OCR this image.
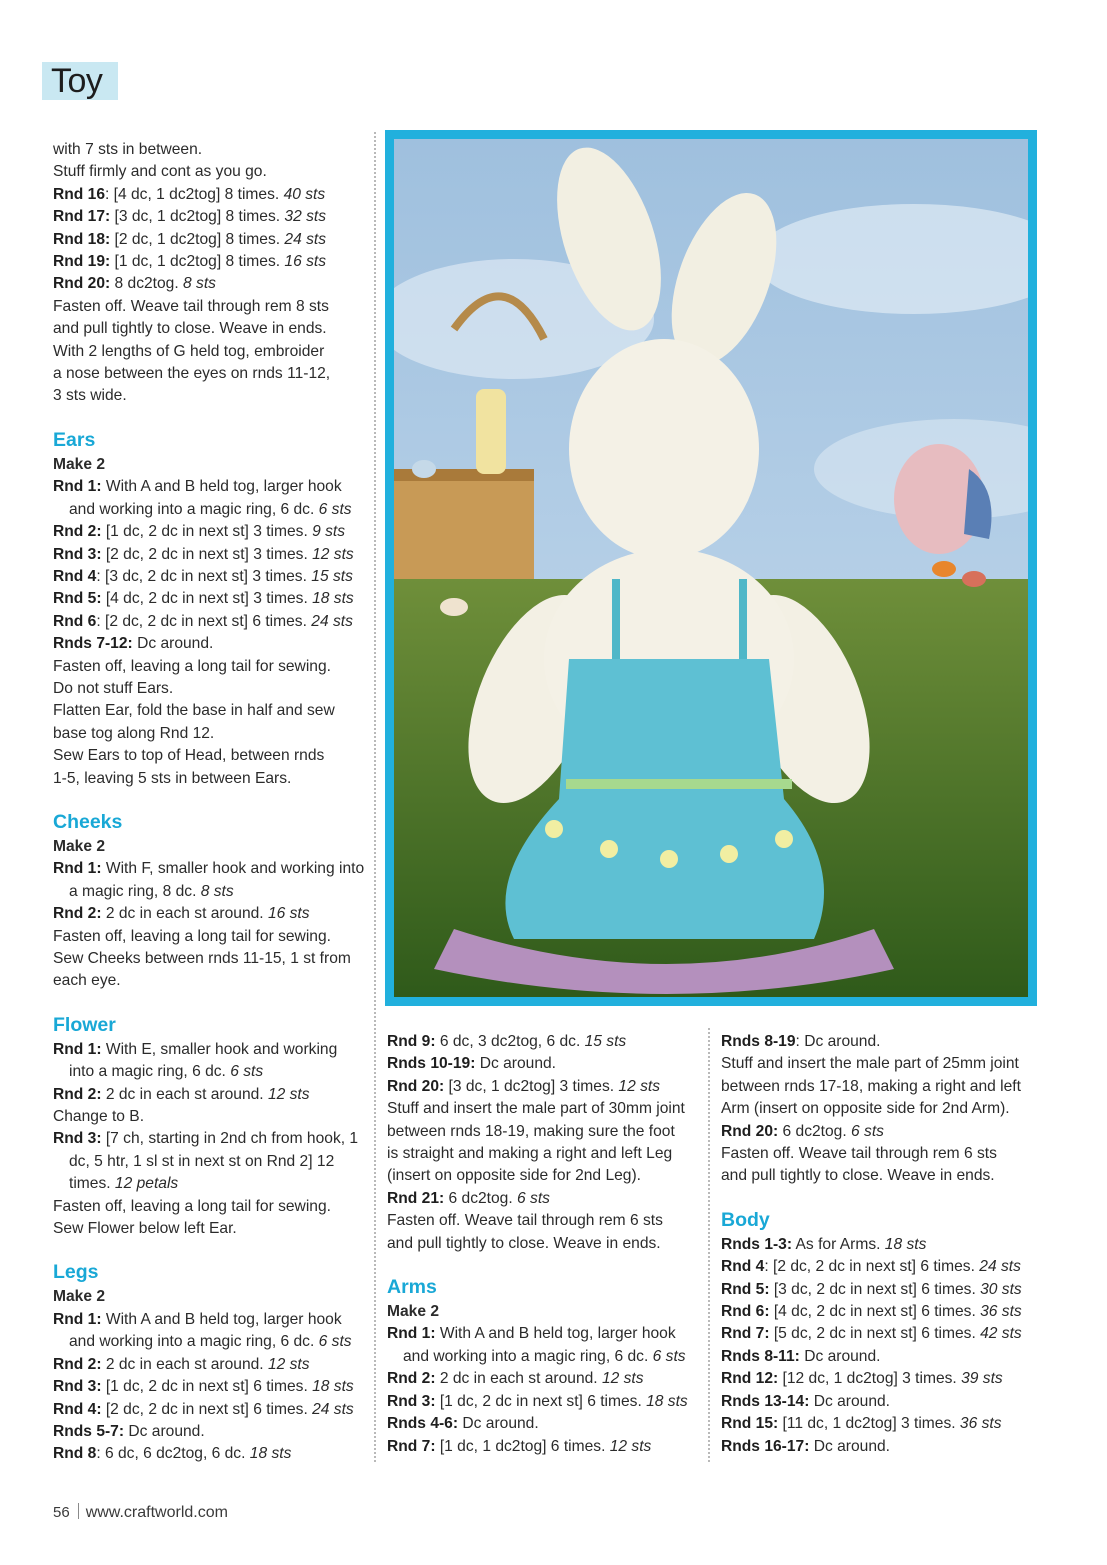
Toy

with 7 sts in between.

Stuff firmly and cont as you go.

Rnd 16: [4 dc, 1 dc2tog] 8 times. 40 sts

Rnd 17: [3 dc, 1 dc2tog] 8 times. 32 sts

Rnd 18: [2 dc, 1 dc2tog] 8 times. 24 sts

Rnd 19: [1 dc, 1 dc2tog] 8 times. 16 sts

Rnd 20: 8 dc2tog. 8 sts

Fasten off. Weave tail through rem 8 sts

and pull tightly to close. Weave in ends.

With 2 lengths of G held tog, embroider

a nose between the eyes on rnds 11-12,

3 sts wide.

Ears

Make 2

Rnd 1: With A and B held tog, larger hook and working into a magic ring, 6 dc. 6 sts

Rnd 2: [1 dc, 2 dc in next st] 3 times. 9 sts

Rnd 3: [2 dc, 2 dc in next st] 3 times. 12 sts

Rnd 4: [3 dc, 2 dc in next st] 3 times. 15 sts

Rnd 5: [4 dc, 2 dc in next st] 3 times. 18 sts

Rnd 6: [2 dc, 2 dc in next st] 6 times. 24 sts

Rnds 7-12: Dc around.

Fasten off, leaving a long tail for sewing.

Do not stuff Ears.

Flatten Ear, fold the base in half and sew

base tog along Rnd 12.

Sew Ears to top of Head, between rnds

1-5, leaving 5 sts in between Ears.

Cheeks

Make 2

Rnd 1: With F, smaller hook and working into a magic ring, 8 dc. 8 sts

Rnd 2: 2 dc in each st around. 16 sts

Fasten off, leaving a long tail for sewing.

Sew Cheeks between rnds 11-15, 1 st from

each eye.

Flower

Rnd 1: With E, smaller hook and working into a magic ring, 6 dc. 6 sts

Rnd 2: 2 dc in each st around. 12 sts

Change to B.

Rnd 3: [7 ch, starting in 2nd ch from hook, 1 dc, 5 htr, 1 sl st in next st on Rnd 2] 12 times. 12 petals

Fasten off, leaving a long tail for sewing.

Sew Flower below left Ear.

Legs

Make 2

Rnd 1: With A and B held tog, larger hook and working into a magic ring, 6 dc. 6 sts

Rnd 2: 2 dc in each st around. 12 sts

Rnd 3: [1 dc, 2 dc in next st] 6 times. 18 sts

Rnd 4: [2 dc, 2 dc in next st] 6 times. 24 sts

Rnds 5-7: Dc around.

Rnd 8: 6 dc, 6 dc2tog, 6 dc. 18 sts

Rnd 9: 6 dc, 3 dc2tog, 6 dc. 15 sts

Rnds 10-19: Dc around.

Rnd 20: [3 dc, 1 dc2tog] 3 times. 12 sts

Stuff and insert the male part of 30mm joint

between rnds 18-19, making sure the foot

is straight and making a right and left Leg

(insert on opposite side for 2nd Leg).

Rnd 21: 6 dc2tog. 6 sts

Fasten off. Weave tail through rem 6 sts

and pull tightly to close. Weave in ends.

Arms

Make 2

Rnd 1: With A and B held tog, larger hook and working into a magic ring, 6 dc. 6 sts

Rnd 2: 2 dc in each st around. 12 sts

Rnd 3: [1 dc, 2 dc in next st] 6 times. 18 sts

Rnds 4-6: Dc around.

Rnd 7: [1 dc, 1 dc2tog] 6 times. 12 sts

Rnds 8-19: Dc around.

Stuff and insert the male part of 25mm joint

between rnds 17-18, making a right and left

Arm (insert on opposite side for 2nd Arm).

Rnd 20: 6 dc2tog. 6 sts

Fasten off. Weave tail through rem 6 sts

and pull tightly to close. Weave in ends.

Body

Rnds 1-3: As for Arms. 18 sts

Rnd 4: [2 dc, 2 dc in next st] 6 times. 24 sts

Rnd 5: [3 dc, 2 dc in next st] 6 times. 30 sts

Rnd 6: [4 dc, 2 dc in next st] 6 times. 36 sts

Rnd 7: [5 dc, 2 dc in next st] 6 times. 42 sts

Rnds 8-11: Dc around.

Rnd 12: [12 dc, 1 dc2tog] 3 times. 39 sts

Rnds 13-14: Dc around.

Rnd 15: [11 dc, 1 dc2tog] 3 times. 36 sts

Rnds 16-17: Dc around.

56 www.craftworld.com
